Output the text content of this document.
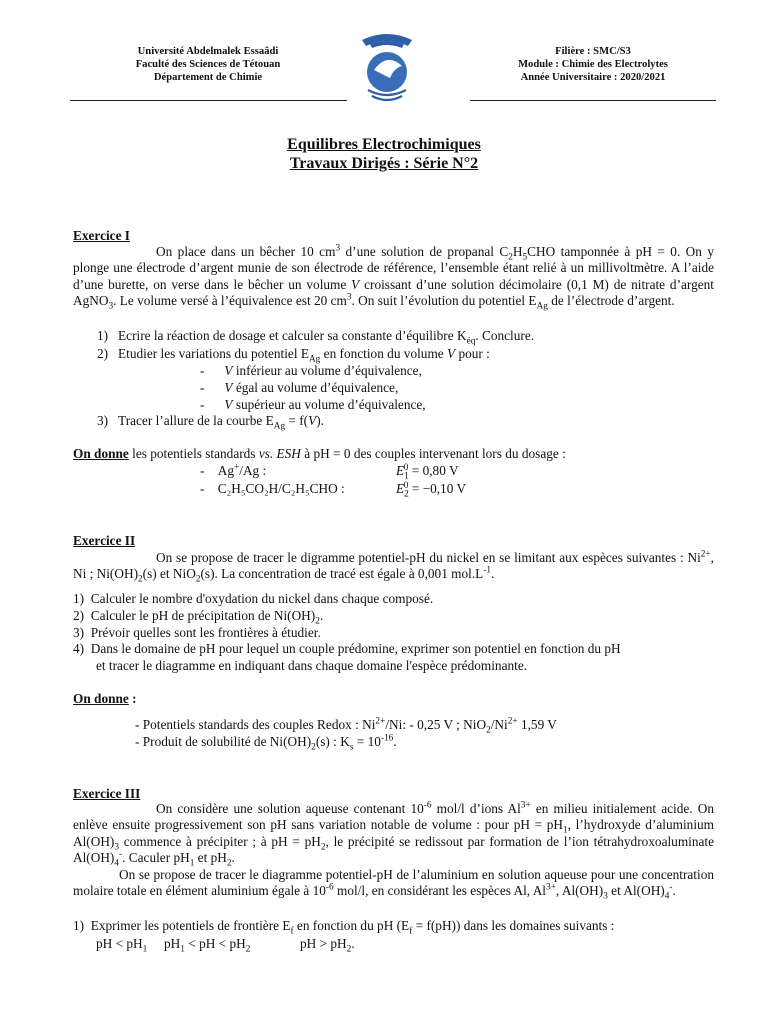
Université Abdelmalek Essaâdi
Faculté des Sciences de Tétouan
Département de Chimie
Filière : SMC/S3
Module : Chimie des Electrolytes
Année Universitaire : 2020/2021
Equilibres Electrochimiques
Travaux Dirigés : Série N°2
Exercice I
On place dans un bêcher 10 $cm^3$ d’une solution de propanal $C_2H_5CHO$ tamponnée à pH = 0. On y plonge une électrode d’argent munie de son électrode de référence, l’ensemble étant relié à un millivoltmètre. A l’aide d’une burette, on verse dans le bêcher un volume V croissant d’une solution décimolaire (0,1 M) de nitrate d’argent AgNO$_3$. Le volume versé à l’équivalence est 20 $cm^3$. On suit l’évolution du potentiel $E_{Ag}$ de l’électrode d’argent.
1)   Ecrire la réaction de dosage et calculer sa constante d’équilibre $K_{éq}$. Conclure.
2)   Etudier les variations du potentiel $E_{Ag}$ en fonction du volume V pour :
-      V inférieur au volume d’équivalence,
-      V égal au volume d’équivalence,
-      V supérieur au volume d’équivalence,
3)   Tracer l’allure de la courbe $E_{Ag} = f(V)$.
On donne les potentiels standards vs. ESH à pH = 0 des couples intervenant lors du dosage :
-    Ag+/Ag :	$E_1^0 = 0,80$ V
-    C₂H₅CO₂H/C₂H₅CHO :	$E_2^0 = -0,10$ V
Exercice II
On se propose de tracer le digramme potentiel-pH du nickel en se limitant aux espèces suivantes : $Ni^{2+}$, Ni ; $Ni(OH)_2(s)$ et NiO$_2$(s). La concentration de tracé est égale à 0,001 $mol.L^{-1}$.
1)  Calculer le nombre d'oxydation du nickel dans chaque composé.
2)  Calculer le pH de précipitation de $Ni(OH)_2$.
3)  Prévoir quelles sont les frontières à étudier.
4)  Dans le domaine de pH pour lequel un couple prédomine, exprimer son potentiel en fonction du pH
et tracer le diagramme en indiquant dans chaque domaine l'espèce prédominante.
On donne :
- Potentiels standards des couples Redox : $Ni^{2+}/Ni$: - 0,25 V ; $NiO_2/Ni^{2+}$ 1,59 V
- Produit de solubilité de $Ni(OH)_2(s)$ : $K_s = 10^{-16}$.
Exercice III
On considère une solution aqueuse contenant $10^{-6}$ mol/l d’ions $Al^{3+}$ en milieu initialement acide. On enlève ensuite progressivement son pH sans variation notable de volume : pour pH = $pH_1$, l’hydroxyde d’aluminium $Al(OH)_3$ commence à précipiter ; à pH = $pH_2$, le précipité se redissout par formation de l’ion tétrahydroxoaluminate $Al(OH)_4^-$. Caculer $pH_1$ et $pH_2$.
On se propose de tracer le diagramme potentiel-pH de l’aluminium en solution aqueuse pour une concentration molaire totale en élément aluminium égale à $10^{-6}$ mol/l, en considérant les espèces Al, $Al^{3+}$, $Al(OH)_3$ et $Al(OH)_4^-$.
1)  Exprimer les potentiels de frontière $E_f$ en fonction du pH $(E_f = f(pH))$ dans les domaines suivants :
pH < $pH_1$ $pH_1$ < pH < $pH_2$	pH > $pH_2$.
